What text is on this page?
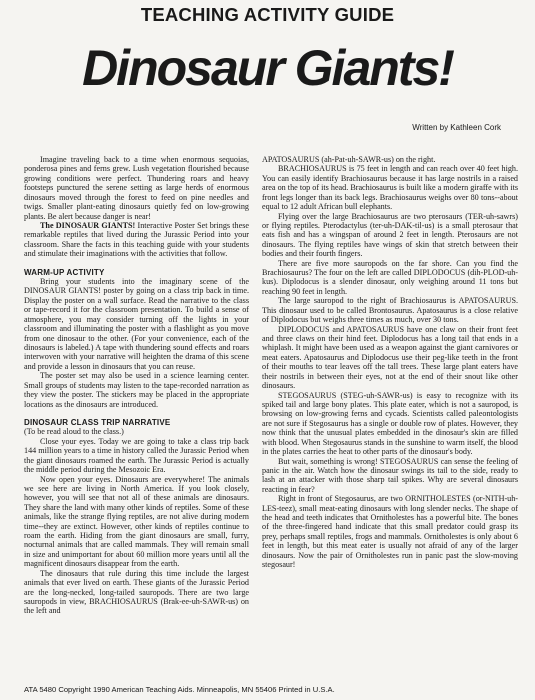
TEACHING ACTIVITY GUIDE
Dinosaur Giants!
Written by Kathleen Cork

Imagine traveling back to a time when enormous sequoias, ponderosa pines and ferns grew. Lush vegetation flourished because growing conditions were perfect. Thundering roars and heavy footsteps punctured the serene setting as large herds of enormous dinosaurs moved through the forest to feed on pine needles and twigs. Smaller plant-eating dinosaurs quietly fed on low-growing plants. Be alert because danger is near!

The DINOSAUR GIANTS! Interactive Poster Set brings these remarkable reptiles that lived during the Jurassic Period into your classroom. Share the facts in this teaching guide with your students and stimulate their imaginations with the activities that follow.

WARM-UP ACTIVITY

Bring your students into the imaginary scene of the DINOSAUR GIANTS! poster by going on a class trip back in time. Display the poster on a wall surface. Read the narrative to the class or tape-record it for the classroom presentation. To build a sense of atmosphere, you may consider turning off the lights in your classroom and illuminating the poster with a flashlight as you move from one dinosaur to the other. (For your convenience, each of the dinosaurs is labeled.) A tape with thundering sound effects and roars interwoven with your narrative will heighten the drama of this scene and provide a lesson in dinosaurs that you can reuse.

The poster set may also be used in a science learning center. Small groups of students may listen to the tape-recorded narration as they view the poster. The stickers may be placed in the appropriate locations as the dinosaurs are introduced.

DINOSAUR CLASS TRIP NARRATIVE

(To be read aloud to the class.)

Close your eyes. Today we are going to take a class trip back 144 million years to a time in history called the Jurassic Period when the giant dinosaurs roamed the earth. The Jurassic Period is actually the middle period during the Mesozoic Era.

Now open your eyes. Dinosaurs are everywhere! The animals we see here are living in North America. If you look closely, however, you will see that not all of these animals are dinosaurs. They share the land with many other kinds of reptiles. Some of these animals, like the strange flying reptiles, are not alive during modern time--they are extinct. However, other kinds of reptiles continue to roam the earth. Hiding from the giant dinosaurs are small, furry, nocturnal animals that are called mammals. They will remain small in size and unimportant for about 60 million more years until all the magnificent dinosaurs disappear from the earth.

The dinosaurs that rule during this time include the largest animals that ever lived on earth. These giants of the Jurassic Period are the long-necked, long-tailed sauropods. There are two large sauropods in view, BRACHIOSAURUS (Brak-ee-uh-SAWR-us) on the left and

APATOSAURUS (ah-Pat-uh-SAWR-us) on the right.

BRACHIOSAURUS is 75 feet in length and can reach over 40 feet high. You can easily identify Brachiosaurus because it has large nostrils in a raised area on the top of its head. Brachiosaurus is built like a modern giraffe with its front legs longer than its back legs. Brachiosaurus weighs over 80 tons--about equal to 12 adult African bull elephants.

Flying over the large Brachiosaurus are two pterosaurs (TER-uh-sawrs) or flying reptiles. Pterodactylus (ter-uh-DAK-til-us) is a small pterosaur that eats fish and has a wingspan of around 2 feet in length. Pterosaurs are not dinosaurs. The flying reptiles have wings of skin that stretch between their bodies and their fourth fingers.

There are five more sauropods on the far shore. Can you find the Brachiosaurus? The four on the left are called DIPLODOCUS (dih-PLOD-uh-kus). Diplodocus is a slender dinosaur, only weighing around 11 tons but reaching 90 feet in length.

The large sauropod to the right of Brachiosaurus is APATOSAURUS. This dinosaur used to be called Brontosaurus. Apatosaurus is a close relative of Diplodocus but weighs three times as much, over 30 tons.

DIPLODOCUS and APATOSAURUS have one claw on their front feet and three claws on their hind feet. Diplodocus has a long tail that ends in a whiplash. It might have been used as a weapon against the giant carnivores or meat eaters. Apatosaurus and Diplodocus use their peg-like teeth in the front of their mouths to tear leaves off the tall trees. These large plant eaters have their nostrils in between their eyes, not at the end of their snout like other dinosaurs.

STEGOSAURUS (STEG-uh-SAWR-us) is easy to recognize with its spiked tail and large bony plates. This plate eater, which is not a sauropod, is browsing on low-growing ferns and cycads. Scientists called paleontologists are not sure if Stegosaurus has a single or double row of plates. However, they now think that the unusual plates embedded in the dinosaur's skin are filled with blood. When Stegosaurus stands in the sunshine to warm itself, the blood in the plates carries the heat to other parts of the dinosaur's body.

But wait, something is wrong! STEGOSAURUS can sense the feeling of panic in the air. Watch how the dinosaur swings its tail to the side, ready to lash at an attacker with those sharp tail spikes. Why are several dinosaurs reacting in fear?

Right in front of Stegosaurus, are two ORNITHOLESTES (or-NITH-uh-LES-teez), small meat-eating dinosaurs with long slender necks. The shape of the head and teeth indicates that Ornitholestes has a powerful bite. The bones of the three-fingered hand indicate that this small predator could grasp its prey, perhaps small reptiles, frogs and mammals. Ornitholestes is only about 6 feet in length, but this meat eater is usually not afraid of any of the larger dinosaurs. Now the pair of Ornitholestes run in panic past the slow-moving stegosaur!

ATA 5480 Copyright 1990 American Teaching Aids. Minneapolis, MN 55406 Printed in U.S.A.
